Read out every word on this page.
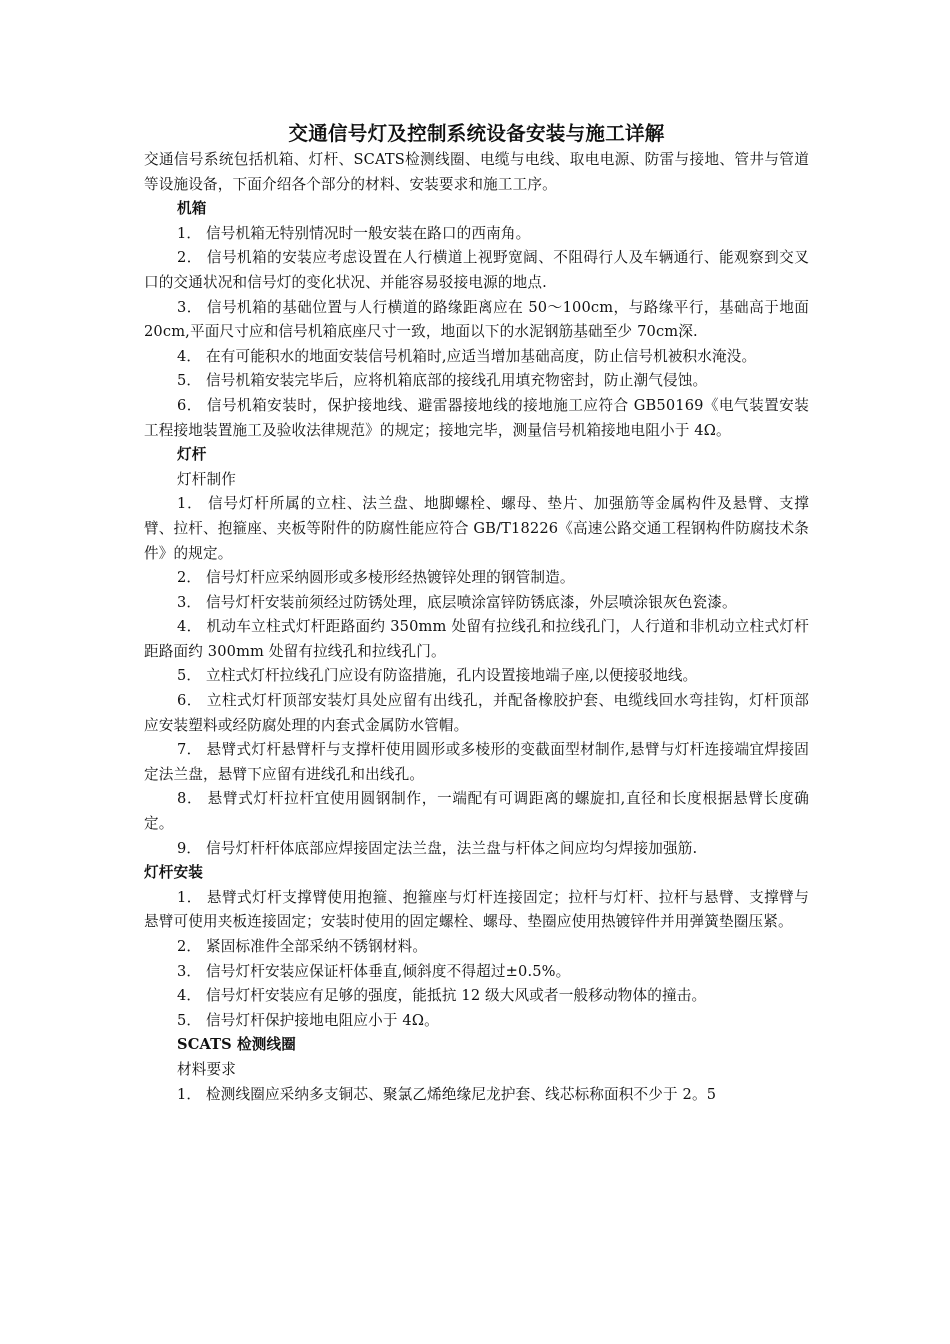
交通信号灯及控制系统设备安装与施工详解

交通信号系统包括机箱、灯杆、SCATS检测线圈、电缆与电线、取电电源、防雷与接地、管井与管道等设施设备，下面介绍各个部分的材料、安装要求和施工工序。

机箱

1． 信号机箱无特别情况时一般安装在路口的西南角。

2． 信号机箱的安装应考虑设置在人行横道上视野宽阔、不阻碍行人及车辆通行、能观察到交叉口的交通状况和信号灯的变化状况、并能容易驳接电源的地点.

3． 信号机箱的基础位置与人行横道的路缘距离应在 50～100cm，与路缘平行，基础高于地面 20cm,平面尺寸应和信号机箱底座尺寸一致，地面以下的水泥钢筋基础至少 70cm深.

4． 在有可能积水的地面安装信号机箱时,应适当增加基础高度，防止信号机被积水淹没。

5． 信号机箱安装完毕后，应将机箱底部的接线孔用填充物密封，防止潮气侵蚀。

6． 信号机箱安装时，保护接地线、避雷器接地线的接地施工应符合 GB50169《电气装置安装工程接地装置施工及验收法律规范》的规定；接地完毕，测量信号机箱接地电阻小于 4Ω。

灯杆

灯杆制作

1． 信号灯杆所属的立柱、法兰盘、地脚螺栓、螺母、垫片、加强筋等金属构件及悬臂、支撑臂、拉杆、抱箍座、夹板等附件的防腐性能应符合 GB/T18226《高速公路交通工程钢构件防腐技术条件》的规定。

2． 信号灯杆应采纳圆形或多棱形经热镀锌处理的钢管制造。

3． 信号灯杆安装前须经过防锈处理，底层喷涂富锌防锈底漆，外层喷涂银灰色瓷漆。

4． 机动车立柱式灯杆距路面约 350mm 处留有拉线孔和拉线孔门，人行道和非机动立柱式灯杆距路面约 300mm 处留有拉线孔和拉线孔门。

5． 立柱式灯杆拉线孔门应设有防盗措施，孔内设置接地端子座,以便接驳地线。

6． 立柱式灯杆顶部安装灯具处应留有出线孔，并配备橡胶护套、电缆线回水弯挂钩，灯杆顶部应安装塑料或经防腐处理的内套式金属防水管帽。

7． 悬臂式灯杆悬臂杆与支撑杆使用圆形或多棱形的变截面型材制作,悬臂与灯杆连接端宜焊接固定法兰盘，悬臂下应留有进线孔和出线孔。

8． 悬臂式灯杆拉杆宜使用圆钢制作，一端配有可调距离的螺旋扣,直径和长度根据悬臂长度确定。

9． 信号灯杆杆体底部应焊接固定法兰盘，法兰盘与杆体之间应均匀焊接加强筋.

灯杆安装

1． 悬臂式灯杆支撑臂使用抱箍、抱箍座与灯杆连接固定；拉杆与灯杆、拉杆与悬臂、支撑臂与悬臂可使用夹板连接固定；安装时使用的固定螺栓、螺母、垫圈应使用热镀锌件并用弹簧垫圈压紧。

2． 紧固标准件全部采纳不锈钢材料。

3． 信号灯杆安装应保证杆体垂直,倾斜度不得超过±0.5%。

4． 信号灯杆安装应有足够的强度，能抵抗 12 级大风或者一般移动物体的撞击。

5． 信号灯杆保护接地电阻应小于 4Ω。

SCATS 检测线圈

材料要求

1． 检测线圈应采纳多支铜芯、聚氯乙烯绝缘尼龙护套、线芯标称面积不少于 2。5
